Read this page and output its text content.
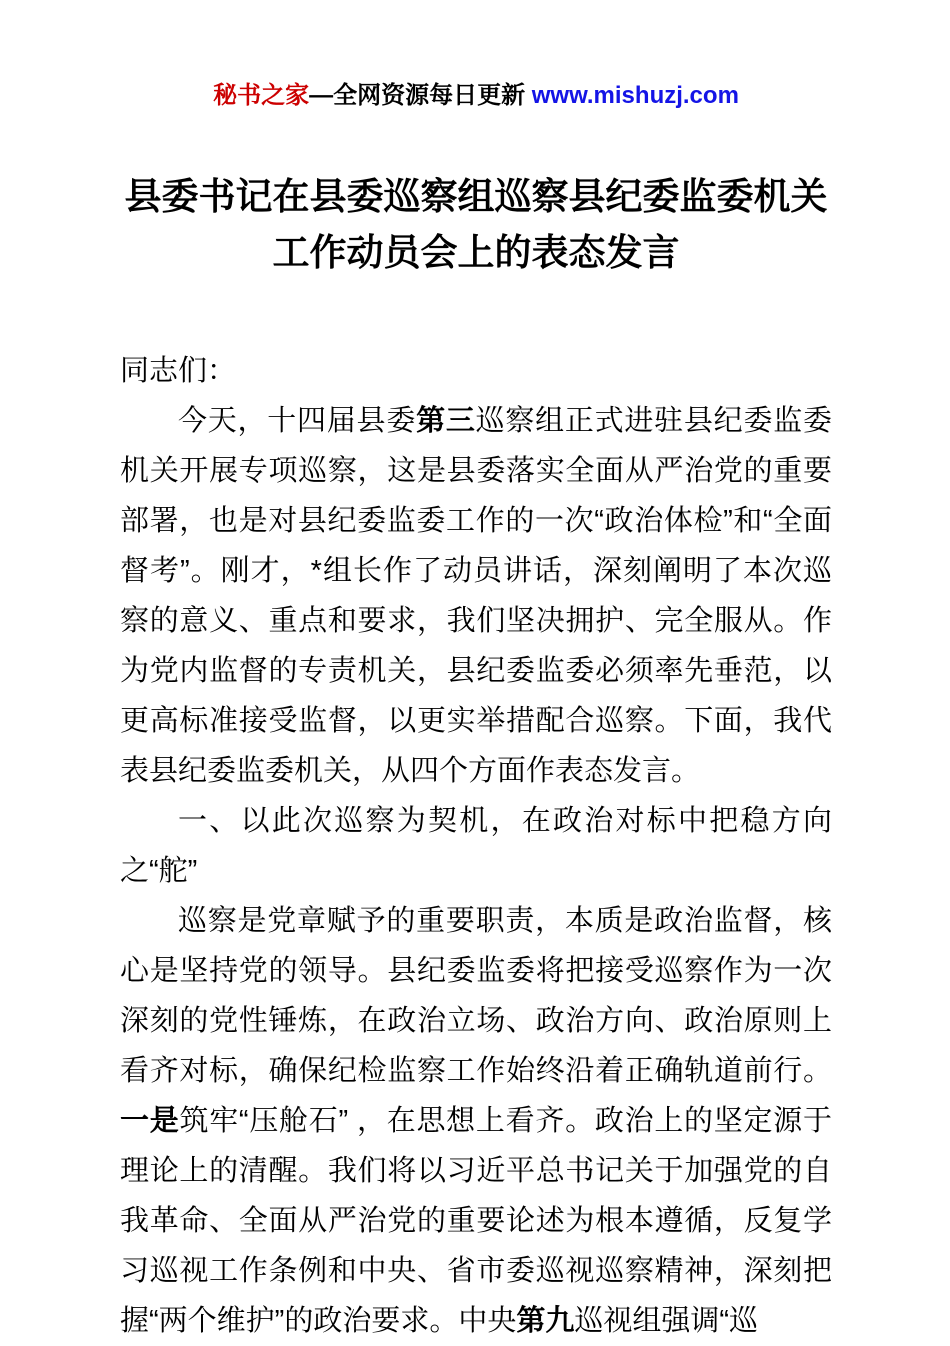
秘书之家—全网资源每日更新 www.mishuzj.com
县委书记在县委巡察组巡察县纪委监委机关工作动员会上的表态发言

同志们：

今天，十四届县委第三巡察组正式进驻县纪委监委机关开展专项巡察，这是县委落实全面从严治党的重要部署，也是对县纪委监委工作的一次“政治体检”和“全面督考”。刚才，*组长作了动员讲话，深刻阐明了本次巡察的意义、重点和要求，我们坚决拥护、完全服从。作为党内监督的专责机关，县纪委监委必须率先垂范，以更高标准接受监督，以更实举措配合巡察。下面，我代表县纪委监委机关，从四个方面作表态发言。

一、以此次巡察为契机，在政治对标中把稳方向之“舵”

巡察是党章赋予的重要职责，本质是政治监督，核心是坚持党的领导。县纪委监委将把接受巡察作为一次深刻的党性锤炼，在政治立场、政治方向、政治原则上看齐对标，确保纪检监察工作始终沿着正确轨道前行。一是筑牢“压舱石” ，在思想上看齐。政治上的坚定源于理论上的清醒。我们将以习近平总书记关于加强党的自我革命、全面从严治党的重要论述为根本遵循，反复学习巡视工作条例和中央、省市委巡视巡察精神，深刻把握“两个维护”的政治要求。中央第九巡视组强调“巡
